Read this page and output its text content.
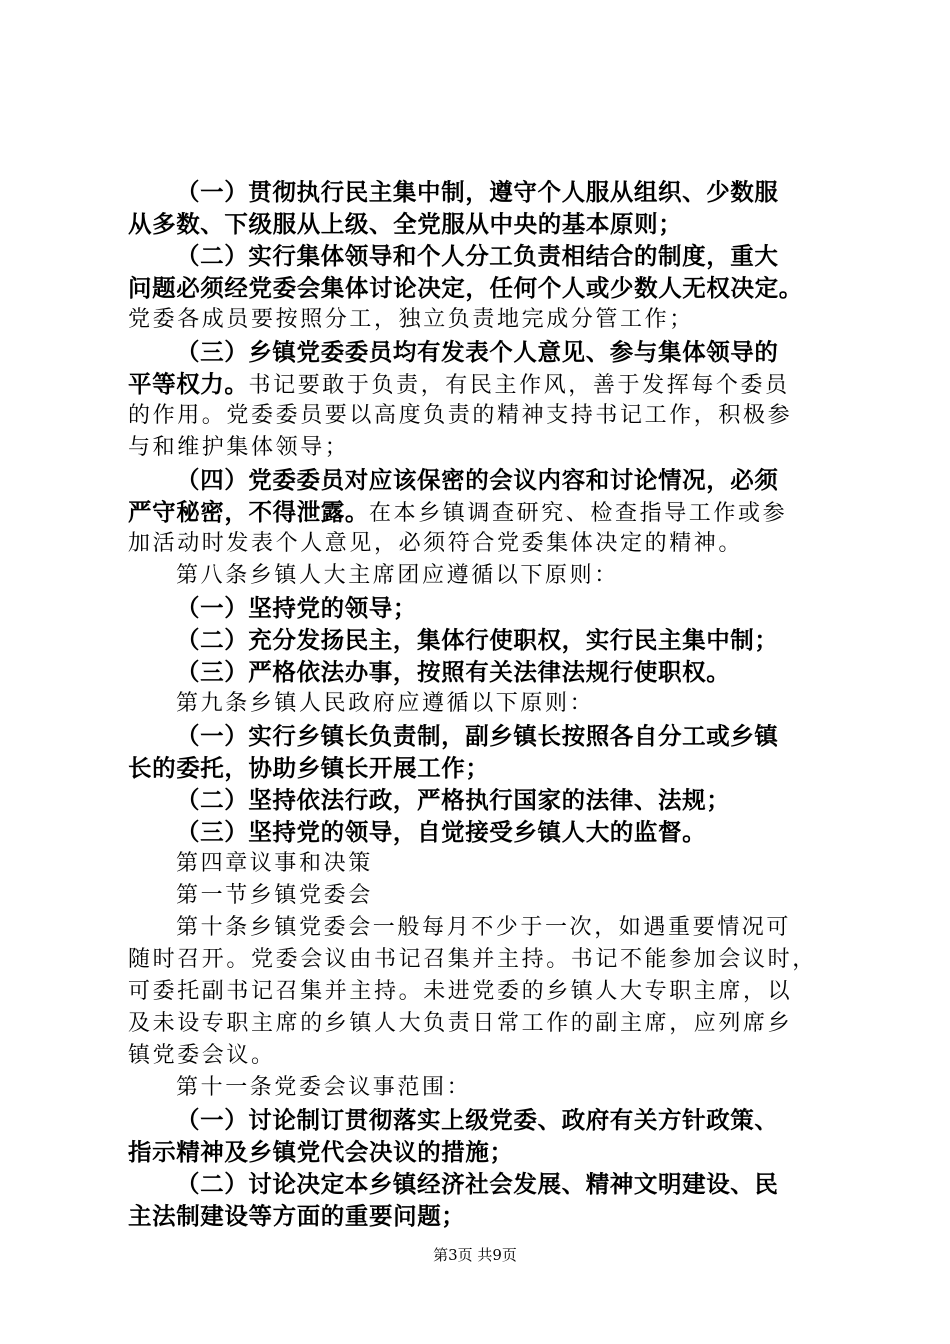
（一）贯彻执行民主集中制，遵守个人服从组织、少数服
从多数、下级服从上级、全党服从中央的基本原则；
（二）实行集体领导和个人分工负责相结合的制度，重大
问题必须经党委会集体讨论决定，任何个人或少数人无权决定。
党委各成员要按照分工，独立负责地完成分管工作；
（三）乡镇党委委员均有发表个人意见、参与集体领导的
平等权力。书记要敢于负责，有民主作风，善于发挥每个委员
的作用。党委委员要以高度负责的精神支持书记工作，积极参
与和维护集体领导；
（四）党委委员对应该保密的会议内容和讨论情况，必须
严守秘密，不得泄露。在本乡镇调查研究、检查指导工作或参
加活动时发表个人意见，必须符合党委集体决定的精神。
第八条乡镇人大主席团应遵循以下原则：
（一）坚持党的领导；
（二）充分发扬民主，集体行使职权，实行民主集中制；
（三）严格依法办事，按照有关法律法规行使职权。
第九条乡镇人民政府应遵循以下原则：
（一）实行乡镇长负责制，副乡镇长按照各自分工或乡镇
长的委托，协助乡镇长开展工作；
（二）坚持依法行政，严格执行国家的法律、法规；
（三）坚持党的领导，自觉接受乡镇人大的监督。
第四章议事和决策
第一节乡镇党委会
第十条乡镇党委会一般每月不少于一次，如遇重要情况可
随时召开。党委会议由书记召集并主持。书记不能参加会议时，
可委托副书记召集并主持。未进党委的乡镇人大专职主席，以
及未设专职主席的乡镇人大负责日常工作的副主席，应列席乡
镇党委会议。
第十一条党委会议事范围：
（一）讨论制订贯彻落实上级党委、政府有关方针政策、
指示精神及乡镇党代会决议的措施；
（二）讨论决定本乡镇经济社会发展、精神文明建设、民
主法制建设等方面的重要问题；
第3页 共9页
